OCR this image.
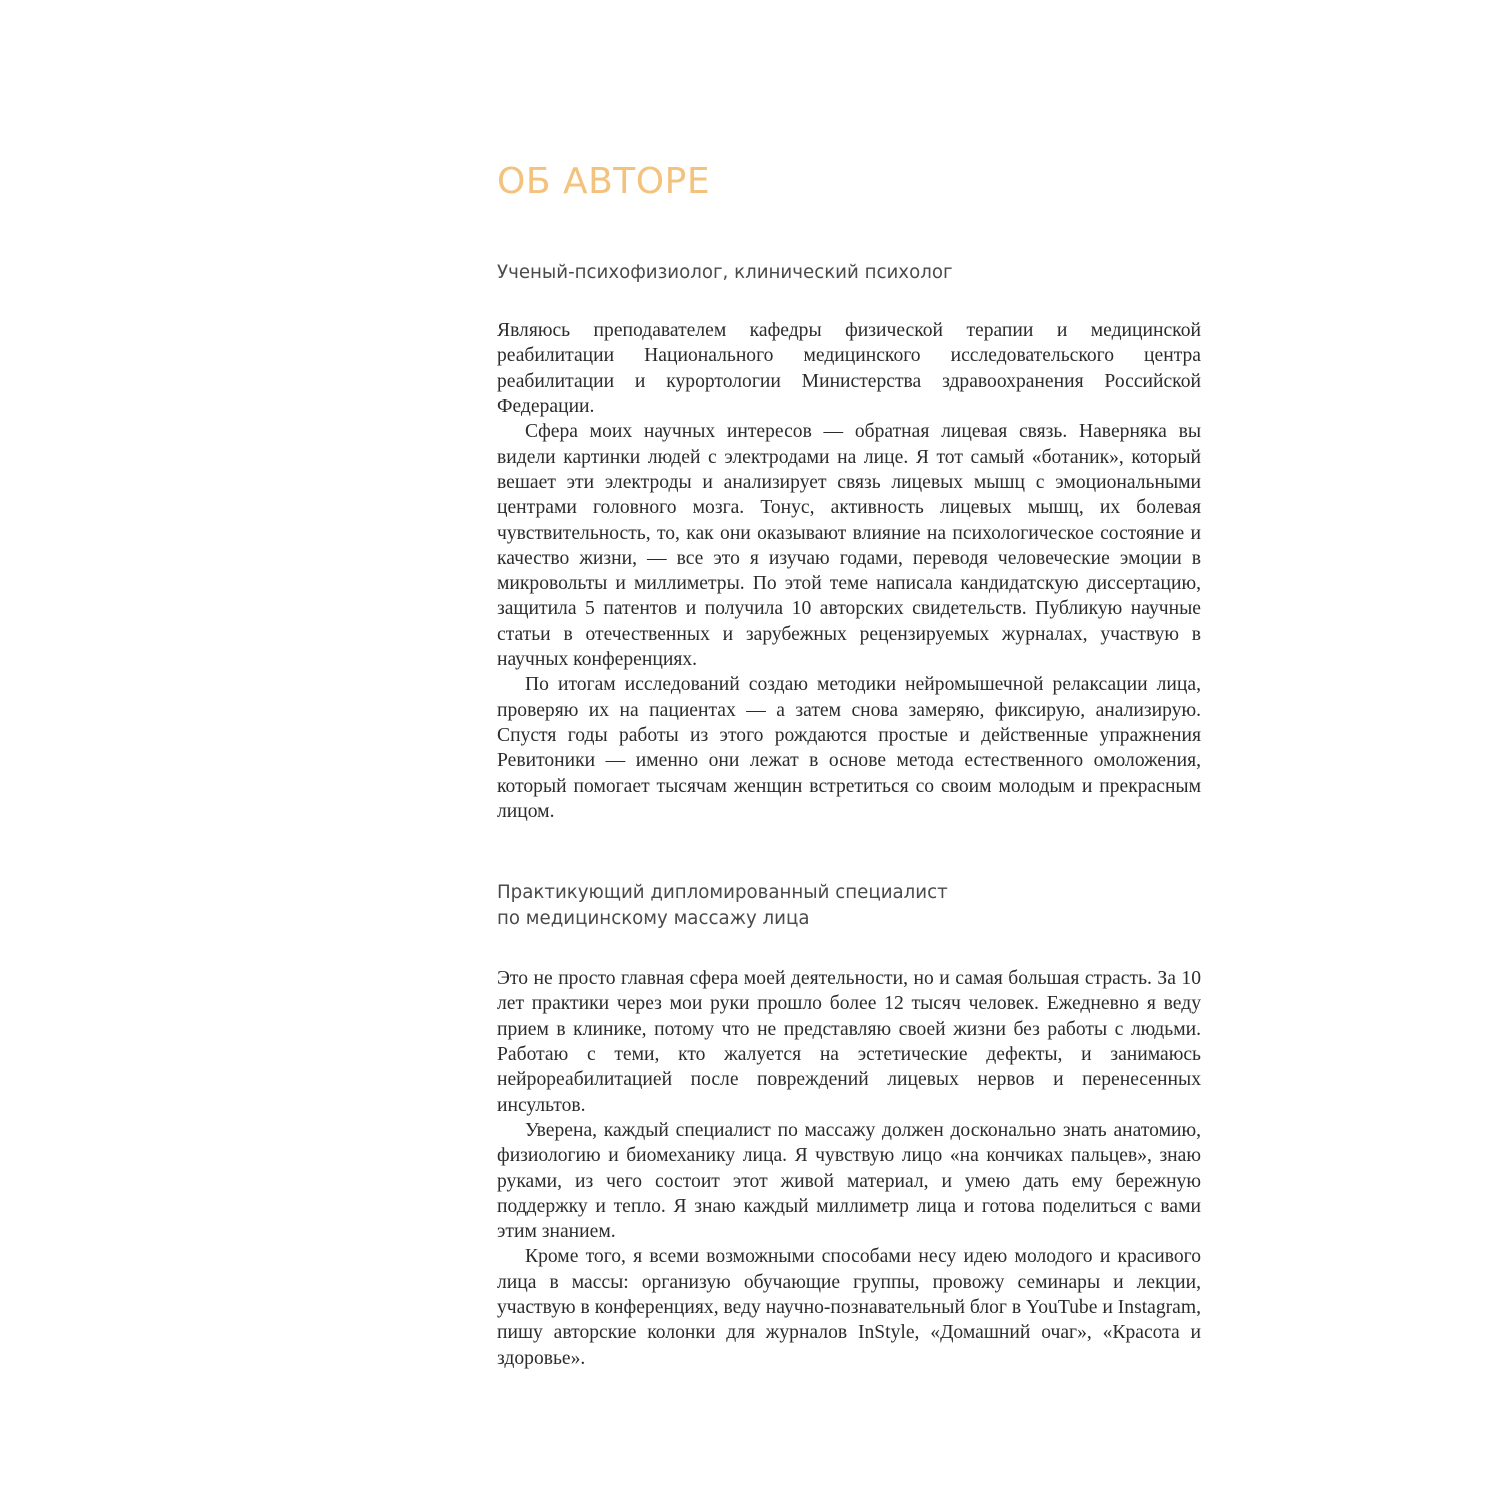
ОБ АВТОРЕ
Ученый-психофизиолог, клинический психолог

Являюсь преподавателем кафедры физической терапии и медицинской реабилитации Национального медицинского исследовательского центра реабилитации и курортологии Министерства здравоохранения Российской Федерации.

Сфера моих научных интересов — обратная лицевая связь. Наверняка вы видели картинки людей с электродами на лице. Я тот самый «ботаник», который вешает эти электроды и анализирует связь лицевых мышц с эмоциональными центрами головного мозга. Тонус, активность лицевых мышц, их болевая чувствительность, то, как они оказывают влияние на психологическое состояние и качество жизни, — все это я изучаю годами, переводя человеческие эмоции в микровольты и миллиметры. По этой теме написала кандидатскую диссертацию, защитила 5 патентов и получила 10 авторских свидетельств. Публикую научные статьи в отечественных и зарубежных рецензируемых журналах, участвую в научных конференциях.

По итогам исследований создаю методики нейромышечной релаксации лица, проверяю их на пациентах — а затем снова замеряю, фиксирую, анализирую. Спустя годы работы из этого рождаются простые и действенные упражнения Ревитоники — именно они лежат в основе метода естественного омоложения, который помогает тысячам женщин встретиться со своим молодым и прекрасным лицом.

Практикующий дипломированный специалист
по медицинскому массажу лица

Это не просто главная сфера моей деятельности, но и самая большая страсть. За 10 лет практики через мои руки прошло более 12 тысяч человек. Ежедневно я веду прием в клинике, потому что не представляю своей жизни без работы с людьми. Работаю с теми, кто жалуется на эстетические дефекты, и занимаюсь нейрореабилитацией после повреждений лицевых нервов и перенесенных инсультов.

Уверена, каждый специалист по массажу должен досконально знать анатомию, физиологию и биомеханику лица. Я чувствую лицо «на кончиках пальцев», знаю руками, из чего состоит этот живой материал, и умею дать ему бережную поддержку и тепло. Я знаю каждый миллиметр лица и готова поделиться с вами этим знанием.

Кроме того, я всеми возможными способами несу идею молодого и красивого лица в массы: организую обучающие группы, провожу семинары и лекции, участвую в конференциях, веду научно-познавательный блог в YouTube и Instagram, пишу авторские колонки для журналов InStyle, «Домашний очаг», «Красота и здоровье».
